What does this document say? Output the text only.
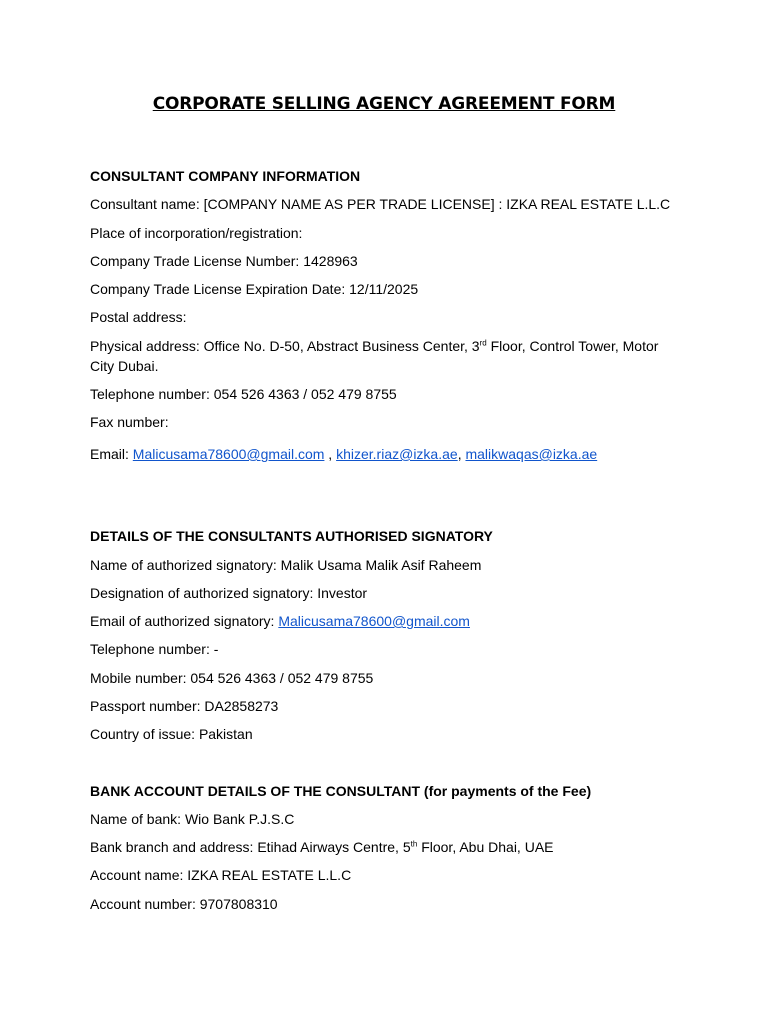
CORPORATE SELLING AGENCY AGREEMENT FORM
CONSULTANT COMPANY INFORMATION
Consultant name: [COMPANY NAME AS PER TRADE LICENSE] : IZKA REAL ESTATE L.L.C
Place of incorporation/registration:
Company Trade License Number: 1428963
Company Trade License Expiration Date: 12/11/2025
Postal address:
Physical address: Office No. D-50, Abstract Business Center, 3rd Floor, Control Tower, Motor City Dubai.
Telephone number: 054 526 4363 / 052 479 8755
Fax number:
Email: Malicusama78600@gmail.com , khizer.riaz@izka.ae, malikwaqas@izka.ae
DETAILS OF THE CONSULTANTS AUTHORISED SIGNATORY
Name of authorized signatory: Malik Usama Malik Asif Raheem
Designation of authorized signatory: Investor
Email of authorized signatory: Malicusama78600@gmail.com
Telephone number: -
Mobile number: 054 526 4363 / 052 479 8755
Passport number: DA2858273
Country of issue: Pakistan
BANK ACCOUNT DETAILS OF THE CONSULTANT (for payments of the Fee)
Name of bank: Wio Bank P.J.S.C
Bank branch and address: Etihad Airways Centre, 5th Floor, Abu Dhai, UAE
Account name: IZKA REAL ESTATE L.L.C
Account number: 9707808310
